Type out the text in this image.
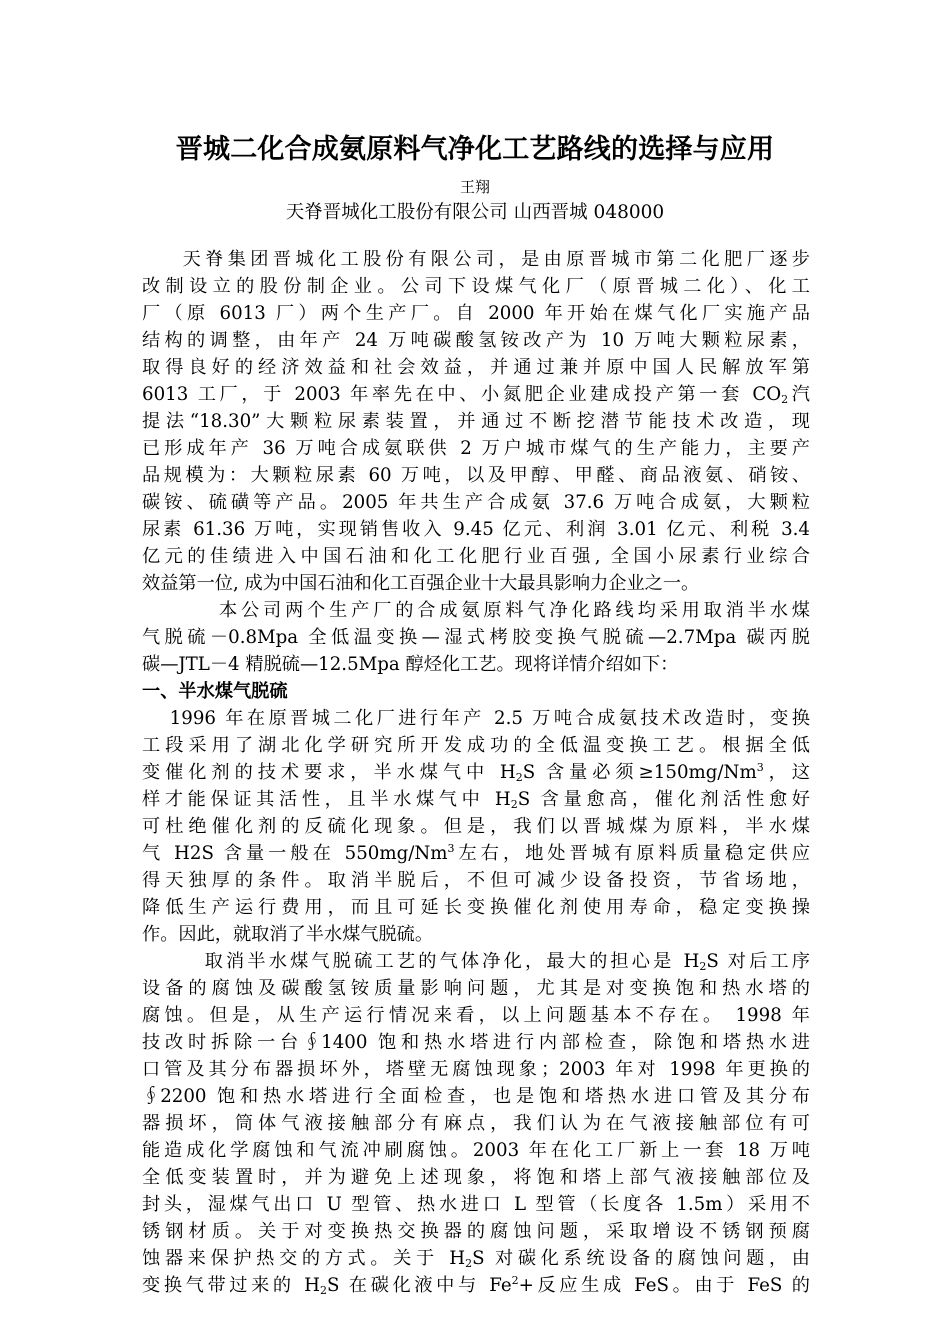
晋城二化合成氨原料气净化工艺路线的选择与应用
王翔
天脊晋城化工股份有限公司 山西晋城 048000
天脊集团晋城化工股份有限公司，是由原晋城市第二化肥厂逐步
改制设立的股份制企业。公司下设煤气化厂（原晋城二化）、化工
厂（原 6013 厂）两个生产厂。自 2000 年开始在煤气化厂实施产品
结构的调整，由年产 24 万吨碳酸氢铵改产为 10 万吨大颗粒尿素，
取得良好的经济效益和社会效益，并通过兼并原中国人民解放军第
6013 工厂，于 2003 年率先在中、小氮肥企业建成投产第一套 $CO_2$汽
提法“18.30”大颗粒尿素装置，并通过不断挖潜节能技术改造，现
已形成年产 36 万吨合成氨联供 2 万户城市煤气的生产能力，主要产
品规模为：大颗粒尿素 60 万吨，以及甲醇、甲醛、商品液氨、硝铵、
碳铵、硫磺等产品。2005 年共生产合成氨 37.6 万吨合成氨，大颗粒
尿素 61.36 万吨，实现销售收入 9.45 亿元、利润 3.01 亿元、利税 3.4
亿元的佳绩进入中国石油和化工化肥行业百强, 全国小尿素行业综合
效益第一位, 成为中国石油和化工百强企业十大最具影响力企业之一。
本公司两个生产厂的合成氨原料气净化路线均采用取消半水煤
气脱硫－0.8Mpa 全低温变换—湿式栲胶变换气脱硫—2.7Mpa 碳丙脱
碳—JTL－4 精脱硫—12.5Mpa 醇烃化工艺。现将详情介绍如下：
一、半水煤气脱硫
1996 年在原晋城二化厂进行年产 2.5 万吨合成氨技术改造时，变换
工段采用了湖北化学研究所开发成功的全低温变换工艺。根据全低
变催化剂的技术要求，半水煤气中 $H_2S$ 含量必须$\ge 150mg/Nm^3$，这
样才能保证其活性，且半水煤气中 $H_2S$ 含量愈高，催化剂活性愈好
可杜绝催化剂的反硫化现象。但是，我们以晋城煤为原料，半水煤
气 H2S 含量一般在 550mg/Nm$^3$左右，地处晋城有原料质量稳定供应
得天独厚的条件。取消半脱后，不但可减少设备投资，节省场地，
降低生产运行费用，而且可延长变换催化剂使用寿命，稳定变换操
作。因此，就取消了半水煤气脱硫。
取消半水煤气脱硫工艺的气体净化，最大的担心是 $H_2S$ 对后工序
设备的腐蚀及碳酸氢铵质量影响问题，尤其是对变换饱和热水塔的
腐蚀。但是，从生产运行情况来看，以上问题基本不存在。 1998 年
技改时拆除一台∮1400 饱和热水塔进行内部检查，除饱和塔热水进
口管及其分布器损坏外，塔壁无腐蚀现象；2003 年对 1998 年更换的
∮2200 饱和热水塔进行全面检查，也是饱和塔热水进口管及其分布
器损坏，筒体气液接触部分有麻点，我们认为在气液接触部位有可
能造成化学腐蚀和气流冲刷腐蚀。2003 年在化工厂新上一套 18 万吨
全低变装置时，并为避免上述现象，将饱和塔上部气液接触部位及
封头，湿煤气出口 U 型管、热水进口 L 型管（长度各 1.5m）采用不
锈钢材质。关于对变换热交换器的腐蚀问题，采取增设不锈钢预腐
蚀器来保护热交的方式。关于 $H_2S$ 对碳化系统设备的腐蚀问题，由
变换气带过来的 $H_2S$ 在碳化液中与 $Fe^2+$反应生成 FeS。由于 FeS 的
